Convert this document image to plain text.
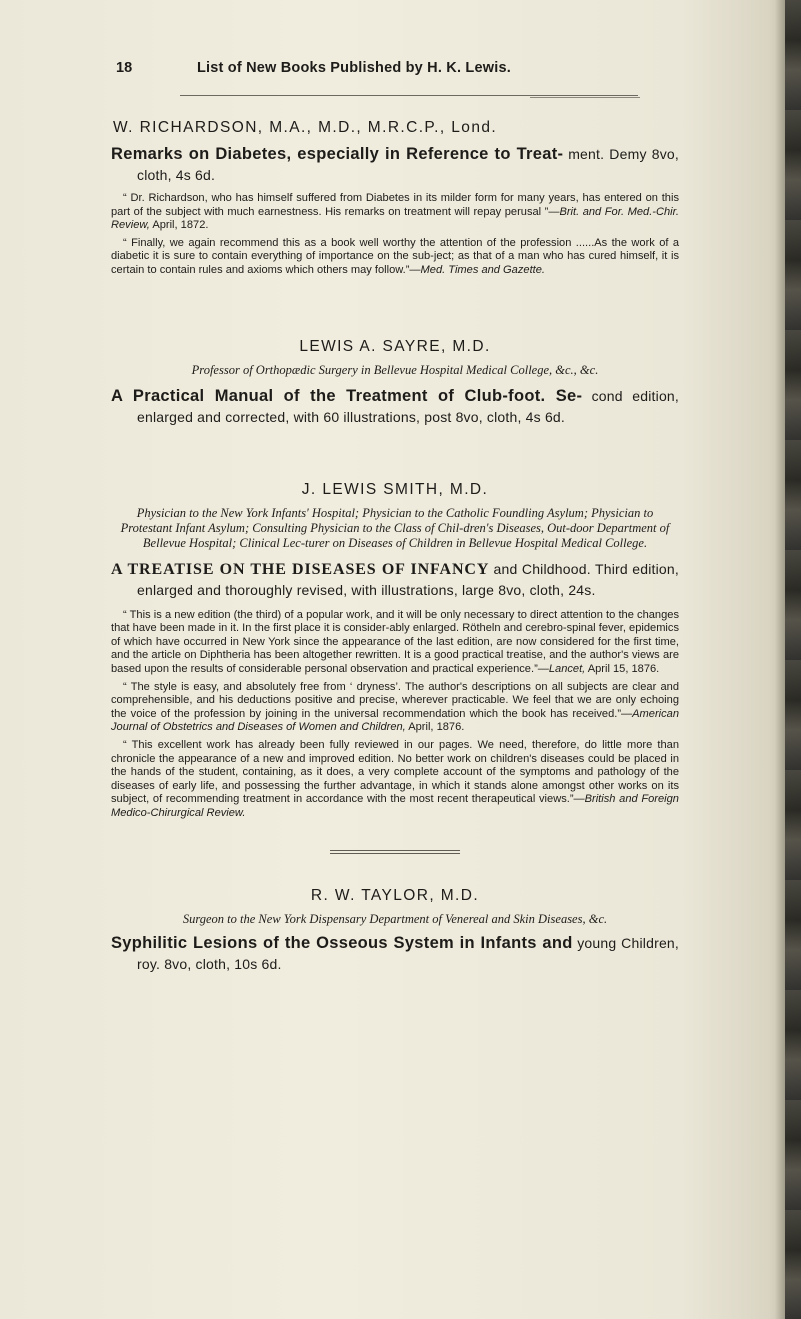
18	List of New Books Published by H. K. Lewis.

W. RICHARDSON, M.A., M.D., M.R.C.P., Lond.

Remarks on Diabetes, especially in Reference to Treat- ment. Demy 8vo, cloth, 4s 6d.

“ Dr. Richardson, who has himself suffered from Diabetes in its milder form for many years, has entered on this part of the subject with much earnestness. His remarks on treatment will repay perusal ”—Brit. and For. Med.-Chir. Review, April, 1872.

“ Finally, we again recommend this as a book well worthy the attention of the profession ......As the work of a diabetic it is sure to contain everything of importance on the sub-ject; as that of a man who has cured himself, it is certain to contain rules and axioms which others may follow.”—Med. Times and Gazette.

LEWIS A. SAYRE, M.D.

Professor of Orthopædic Surgery in Bellevue Hospital Medical College, &c., &c.

A Practical Manual of the Treatment of Club-foot. Se- cond edition, enlarged and corrected, with 60 illustrations, post 8vo, cloth, 4s 6d.

J. LEWIS SMITH, M.D.

Physician to the New York Infants' Hospital; Physician to the Catholic Foundling Asylum; Physician to Protestant Infant Asylum; Consulting Physician to the Class of Chil-dren's Diseases, Out-door Department of Bellevue Hospital; Clinical Lec-turer on Diseases of Children in Bellevue Hospital Medical College.

A TREATISE ON THE DISEASES OF INFANCY and Childhood. Third edition, enlarged and thoroughly revised, with illustrations, large 8vo, cloth, 24s.

“ This is a new edition (the third) of a popular work, and it will be only necessary to direct attention to the changes that have been made in it. In the first place it is consider-ably enlarged. Rötheln and cerebro-spinal fever, epidemics of which have occurred in New York since the appearance of the last edition, are now considered for the first time, and the article on Diphtheria has been altogether rewritten. It is a good practical treatise, and the author's views are based upon the results of considerable personal observation and practical experience.”—Lancet, April 15, 1876.

“ The style is easy, and absolutely free from ‘ dryness’. The author's descriptions on all subjects are clear and comprehensible, and his deductions positive and precise, wherever practicable. We feel that we are only echoing the voice of the profession by joining in the universal recommendation which the book has received.”—American Journal of Obstetrics and Diseases of Women and Children, April, 1876.

“ This excellent work has already been fully reviewed in our pages. We need, therefore, do little more than chronicle the appearance of a new and improved edition. No better work on children's diseases could be placed in the hands of the student, containing, as it does, a very complete account of the symptoms and pathology of the diseases of early life, and possessing the further advantage, in which it stands alone amongst other works on its subject, of recommending treatment in accordance with the most recent therapeutical views.”—British and Foreign Medico-Chirurgical Review.

R. W. TAYLOR, M.D.

Surgeon to the New York Dispensary Department of Venereal and Skin Diseases, &c.

Syphilitic Lesions of the Osseous System in Infants and young Children, roy. 8vo, cloth, 10s 6d.
